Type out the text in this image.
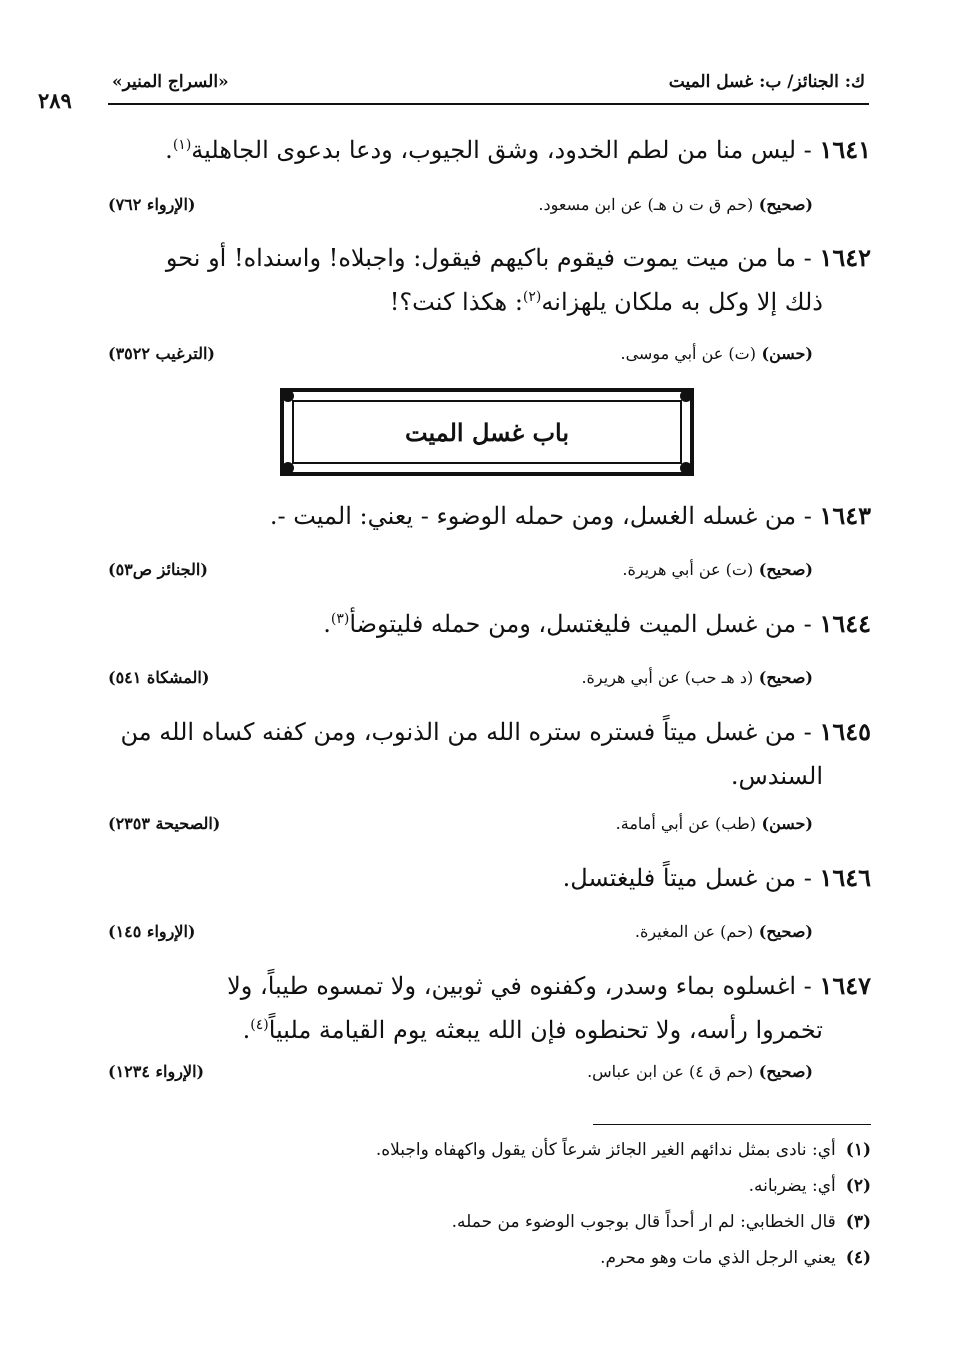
ك: الجنائز/ ب: غسل الميت
«السراج المنير»
٢٨٩
١٦٤١ - ليس منا من لطم الخدود، وشق الجيوب، ودعا بدعوى الجاهلية$^{(١)}$.
(صحيح) (حم ق ت ن هـ) عن ابن مسعود.
(الإرواء ٧٦٢)
١٦٤٢ - ما من ميت يموت فيقوم باكيهم فيقول: واجبلاه! واسنداه! أو نحو
ذلك إلا وكل به ملكان يلهزانه$^{(٢)}$: هكذا كنت؟!
(حسن) (ت) عن أبي موسى.
(الترغيب ٣٥٢٢)
باب غسل الميت
١٦٤٣ - من غسله الغسل، ومن حمله الوضوء - يعني: الميت -.
(صحيح) (ت) عن أبي هريرة.
(الجنائز ص٥٣)
١٦٤٤ - من غسل الميت فليغتسل، ومن حمله فليتوضأ$^{(٣)}$.
(صحيح) (د هـ حب) عن أبي هريرة.
(المشكاة ٥٤١)
١٦٤٥ - من غسل ميتاً فستره ستره الله من الذنوب، ومن كفنه كساه الله من
السندس.
(حسن) (طب) عن أبي أمامة.
(الصحيحة ٢٣٥٣)
١٦٤٦ - من غسل ميتاً فليغتسل.
(صحيح) (حم) عن المغيرة.
(الإرواء ١٤٥)
١٦٤٧ - اغسلوه بماء وسدر، وكفنوه في ثوبين، ولا تمسوه طيباً، ولا
تخمروا رأسه، ولا تحنطوه فإن الله يبعثه يوم القيامة ملبياً$^{(٤)}$.
(صحيح) (حم ق ٤) عن ابن عباس.
(الإرواء ١٢٣٤)
(١)أي: نادى بمثل ندائهم الغير الجائز شرعاً كأن يقول واكهفاه واجبلاه.
(٢)أي: يضربانه.
(٣)قال الخطابي: لم ار أحداً قال بوجوب الوضوء من حمله.
(٤)يعني الرجل الذي مات وهو محرم.
